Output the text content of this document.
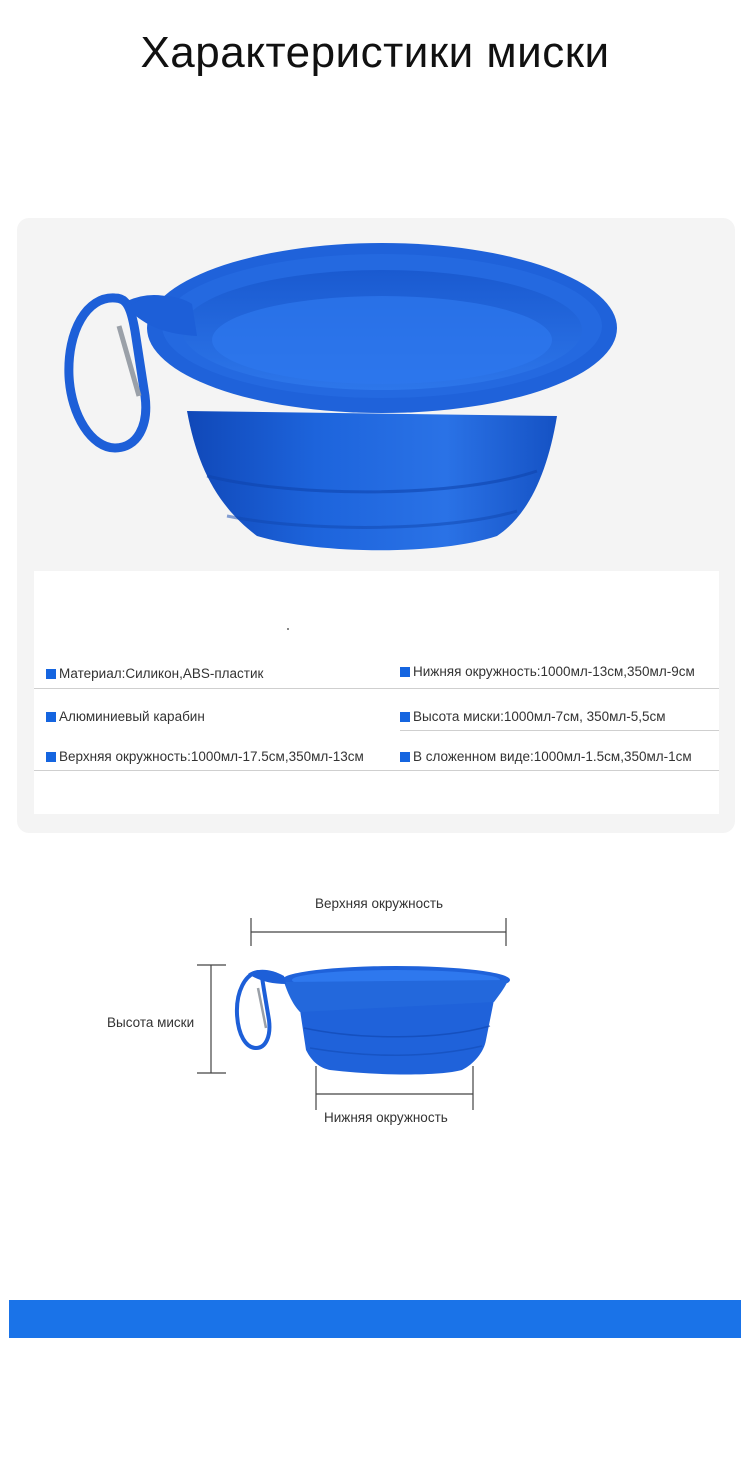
Характеристики миски
Материал:Силикон,ABS-пластик	Нижняя окружность:1000мл-13см,350мл-9см
Алюминиевый карабин	Высота миски:1000мл-7см, 350мл-5,5см
Верхняя окружность:1000мл-17.5см,350мл-13см	В сложенном виде:1000мл-1.5см,350мл-1см
Верхняя окружность
Высота миски
Нижняя окружность
